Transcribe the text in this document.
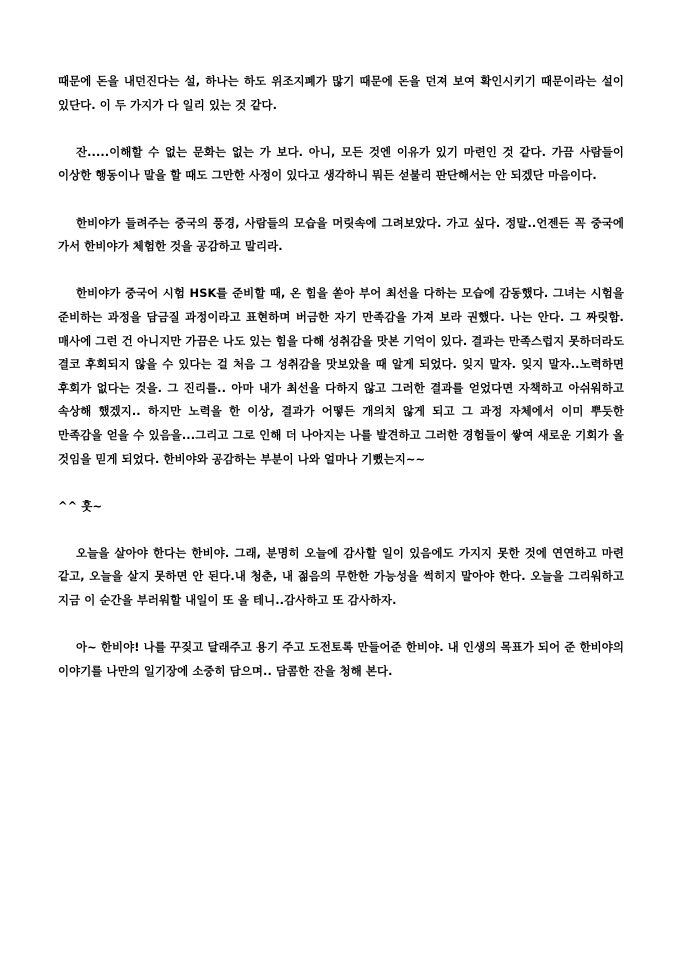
때문에 돈을 내던진다는 설, 하나는 하도 위조지폐가 많기 때문에 돈을 던져 보여 확인시키기 때문이라는 설이 있단다. 이 두 가지가 다 일리 있는 것 같다.

잔.....이해할 수 없는 문화는 없는 가 보다. 아니, 모든 것엔 이유가 있기 마련인 것 같다. 가끔 사람들이 이상한 행동이나 말을 할 때도 그만한 사정이 있다고 생각하니 뭐든 섣불리 판단해서는 안 되겠단 마음이다.

한비야가 들려주는 중국의 풍경, 사람들의 모습을 머릿속에 그려보았다. 가고 싶다. 정말..언젠든 꼭 중국에 가서 한비야가 체험한 것을 공감하고 말리라.

한비야가 중국어 시험 HSK를 준비할 때, 온 힘을 쏟아 부어 최선을 다하는 모습에 감동했다. 그녀는 시험을 준비하는 과정을 담금질 과정이라고 표현하며 버금한 자기 만족감을 가져 보라 권했다. 나는 안다. 그 짜릿함. 매사에 그런 건 아니지만 가끔은 나도 있는 힘을 다해 성취감을 맛본 기억이 있다. 결과는 만족스럽지 못하더라도 결코 후회되지 않을 수 있다는 걸 처음 그 성취감을 맛보았을 때 알게 되었다. 잊지 말자. 잊지 말자..노력하면 후회가 없다는 것을. 그 진리를.. 아마 내가 최선을 다하지 않고 그러한 결과를 얻었다면 자책하고 아쉬워하고 속상해 했겠지.. 하지만 노력을 한 이상, 결과가 어떻든 개의치 않게 되고 그 과정 자체에서 이미 뿌듯한 만족감을 얻을 수 있음을...그리고 그로 인해 더 나아지는 나를 발견하고 그러한 경험들이 쌓여 새로운 기회가 올 것임을 믿게 되었다. 한비야와 공감하는 부분이 나와 얼마나 기뻤는지~~

^^ 훗~

오늘을 살아야 한다는 한비야. 그래, 분명히 오늘에 감사할 일이 있음에도 가지지 못한 것에 연연하고 마련 같고, 오늘을 살지 못하면 안 된다.내 청춘, 내 젊음의 무한한 가능성을 썩히지 말아야 한다. 오늘을 그리워하고 지금 이 순간을 부러워할 내일이 또 올 테니..감사하고 또 감사하자.

아~ 한비야! 나를 꾸짖고 달래주고 용기 주고 도전토록 만들어준 한비야. 내 인생의 목표가 되어 준 한비야의 이야기를 나만의 일기장에 소중히 담으며.. 담콤한 잔을 청해 본다.
